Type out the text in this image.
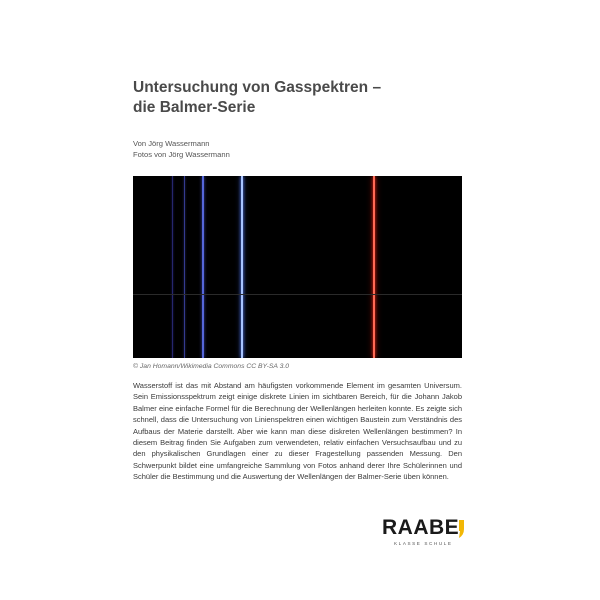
Untersuchung von Gasspektren –
die Balmer-Serie
Von Jörg Wassermann
Fotos von Jörg Wassermann
© Jan Homann/Wikimedia Commons CC BY-SA 3.0
Wasserstoff ist das mit Abstand am häufigsten vorkommende Element im gesamten Universum. Sein Emissionsspektrum zeigt einige diskrete Linien im sichtbaren Bereich, für die Johann Jakob Balmer eine einfache Formel für die Berechnung der Wellenlängen herleiten konnte. Es zeigte sich schnell, dass die Untersuchung von Linienspektren einen wichtigen Baustein zum Verständnis des Aufbaus der Materie darstellt. Aber wie kann man diese diskreten Wellenlängen bestimmen? In diesem Beitrag finden Sie Aufgaben zum verwendeten, relativ einfachen Versuchsaufbau und zu den physikalischen Grundlagen einer zu dieser Fragestellung passenden Messung. Den Schwerpunkt bildet eine umfangreiche Sammlung von Fotos anhand derer Ihre Schülerinnen und Schüler die Bestimmung und die Auswertung der Wellenlängen der Balmer-Serie üben können.
RAABE
KLASSE SCHULE
